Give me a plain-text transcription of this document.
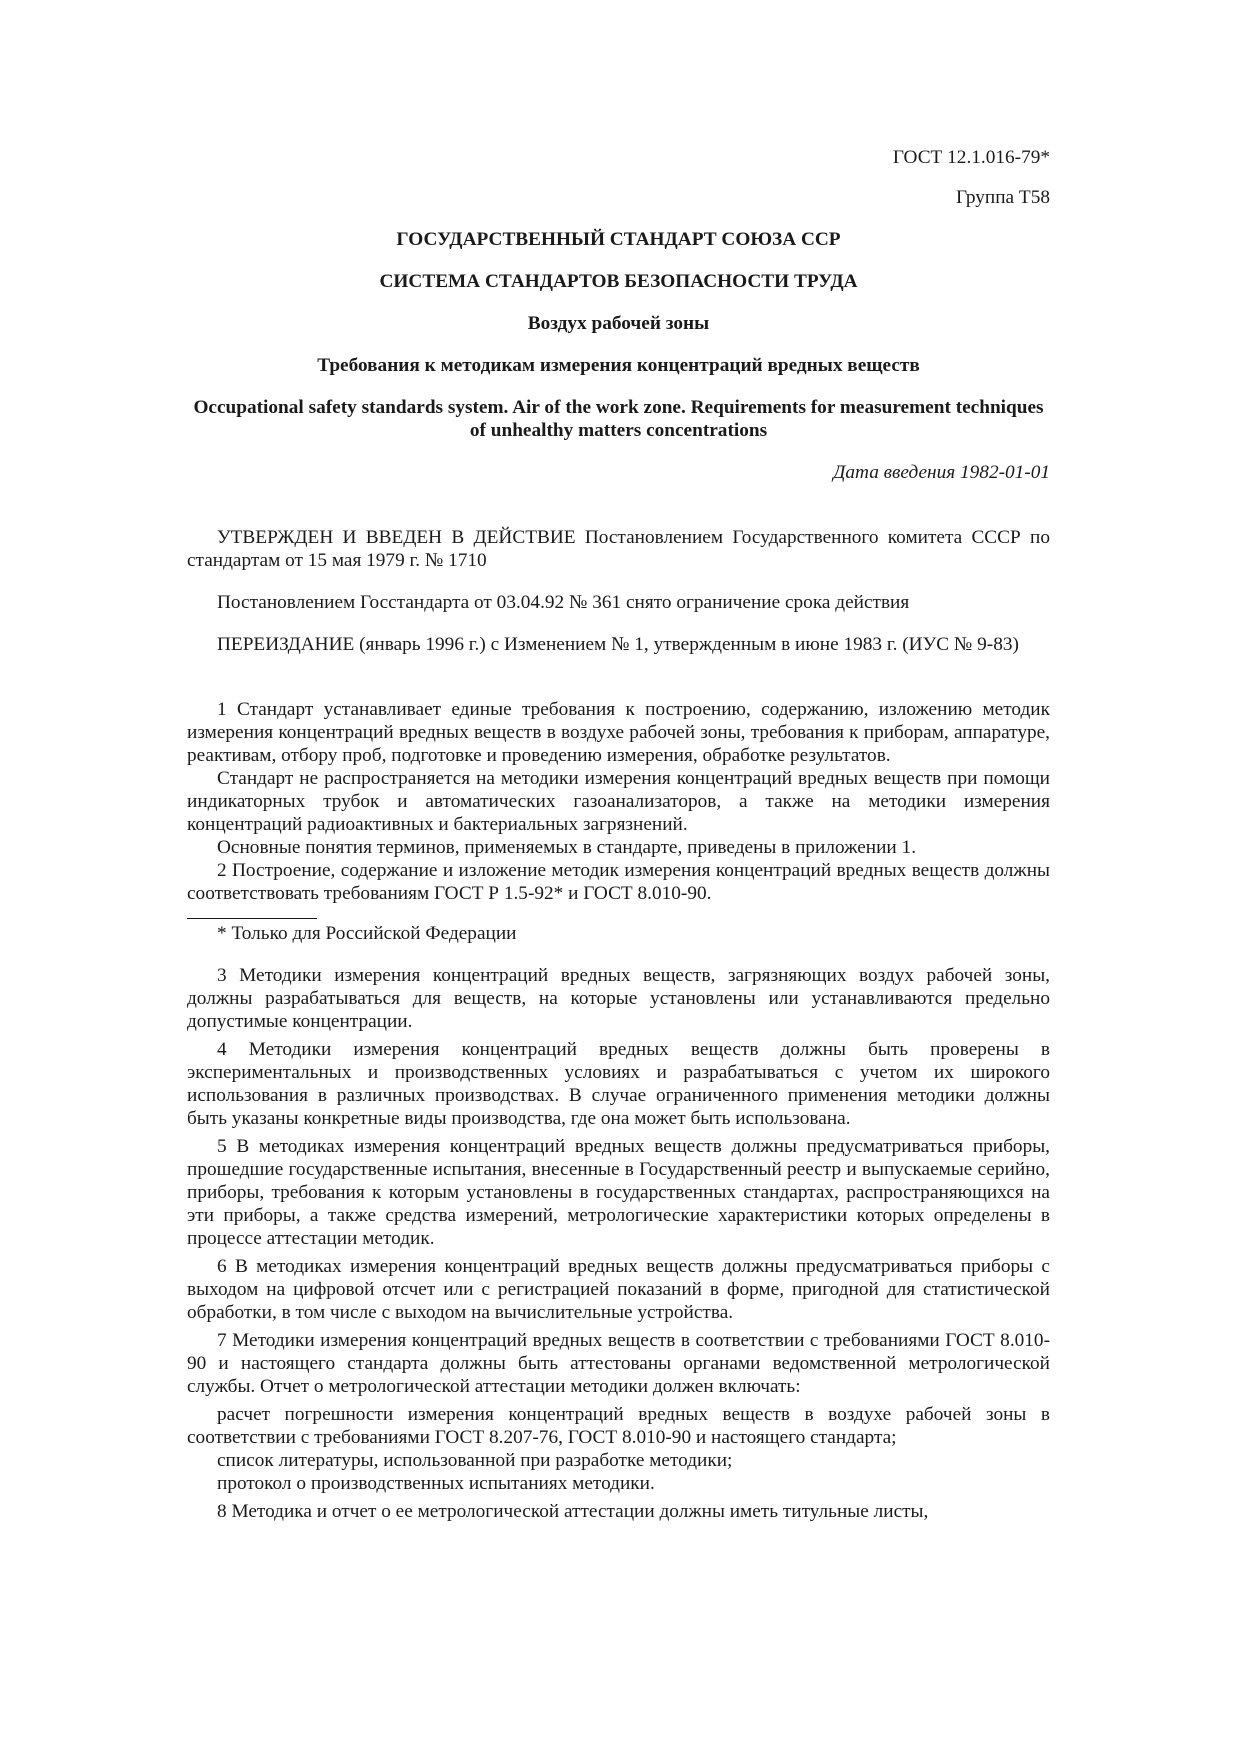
ГОСТ 12.1.016-79*

Группа Т58

ГОСУДАРСТВЕННЫЙ СТАНДАРТ СОЮЗА ССР

СИСТЕМА СТАНДАРТОВ БЕЗОПАСНОСТИ ТРУДА

Воздух рабочей зоны

Требования к методикам измерения концентраций вредных веществ

Occupational safety standards system. Air of the work zone. Requirements for measurement techniques of unhealthy matters concentrations

Дата введения 1982-01-01

УТВЕРЖДЕН И ВВЕДЕН В ДЕЙСТВИЕ Постановлением Государственного комитета СССР по стандартам от 15 мая 1979 г. № 1710

Постановлением Госстандарта от 03.04.92 № 361 снято ограничение срока действия

ПЕРЕИЗДАНИЕ (январь 1996 г.) с Изменением № 1, утвержденным в июне 1983 г. (ИУС № 9-83)

1 Стандарт устанавливает единые требования к построению, содержанию, изложению методик измерения концентраций вредных веществ в воздухе рабочей зоны, требования к приборам, аппаратуре, реактивам, отбору проб, подготовке и проведению измерения, обработке результатов.

Стандарт не распространяется на методики измерения концентраций вредных веществ при помощи индикаторных трубок и автоматических газоанализаторов, а также на методики измерения концентраций радиоактивных и бактериальных загрязнений.

Основные понятия терминов, применяемых в стандарте, приведены в приложении 1.

2 Построение, содержание и изложение методик измерения концентраций вредных веществ должны соответствовать требованиям ГОСТ Р 1.5-92* и ГОСТ 8.010-90.

* Только для Российской Федерации

3 Методики измерения концентраций вредных веществ, загрязняющих воздух рабочей зоны, должны разрабатываться для веществ, на которые установлены или устанавливаются предельно допустимые концентрации.

4 Методики измерения концентраций вредных веществ должны быть проверены в экспериментальных и производственных условиях и разрабатываться с учетом их широкого использования в различных производствах. В случае ограниченного применения методики должны быть указаны конкретные виды производства, где она может быть использована.

5 В методиках измерения концентраций вредных веществ должны предусматриваться приборы, прошедшие государственные испытания, внесенные в Государственный реестр и выпускаемые серийно, приборы, требования к которым установлены в государственных стандартах, распространяющихся на эти приборы, а также средства измерений, метрологические характеристики которых определены в процессе аттестации методик.

6 В методиках измерения концентраций вредных веществ должны предусматриваться приборы с выходом на цифровой отсчет или с регистрацией показаний в форме, пригодной для статистической обработки, в том числе с выходом на вычислительные устройства.

7 Методики измерения концентраций вредных веществ в соответствии с требованиями ГОСТ 8.010-90 и настоящего стандарта должны быть аттестованы органами ведомственной метрологической службы. Отчет о метрологической аттестации методики должен включать:

расчет погрешности измерения концентраций вредных веществ в воздухе рабочей зоны в соответствии с требованиями ГОСТ 8.207-76, ГОСТ 8.010-90 и настоящего стандарта;

список литературы, использованной при разработке методики;

протокол о производственных испытаниях методики.

8 Методика и отчет о ее метрологической аттестации должны иметь титульные листы,
